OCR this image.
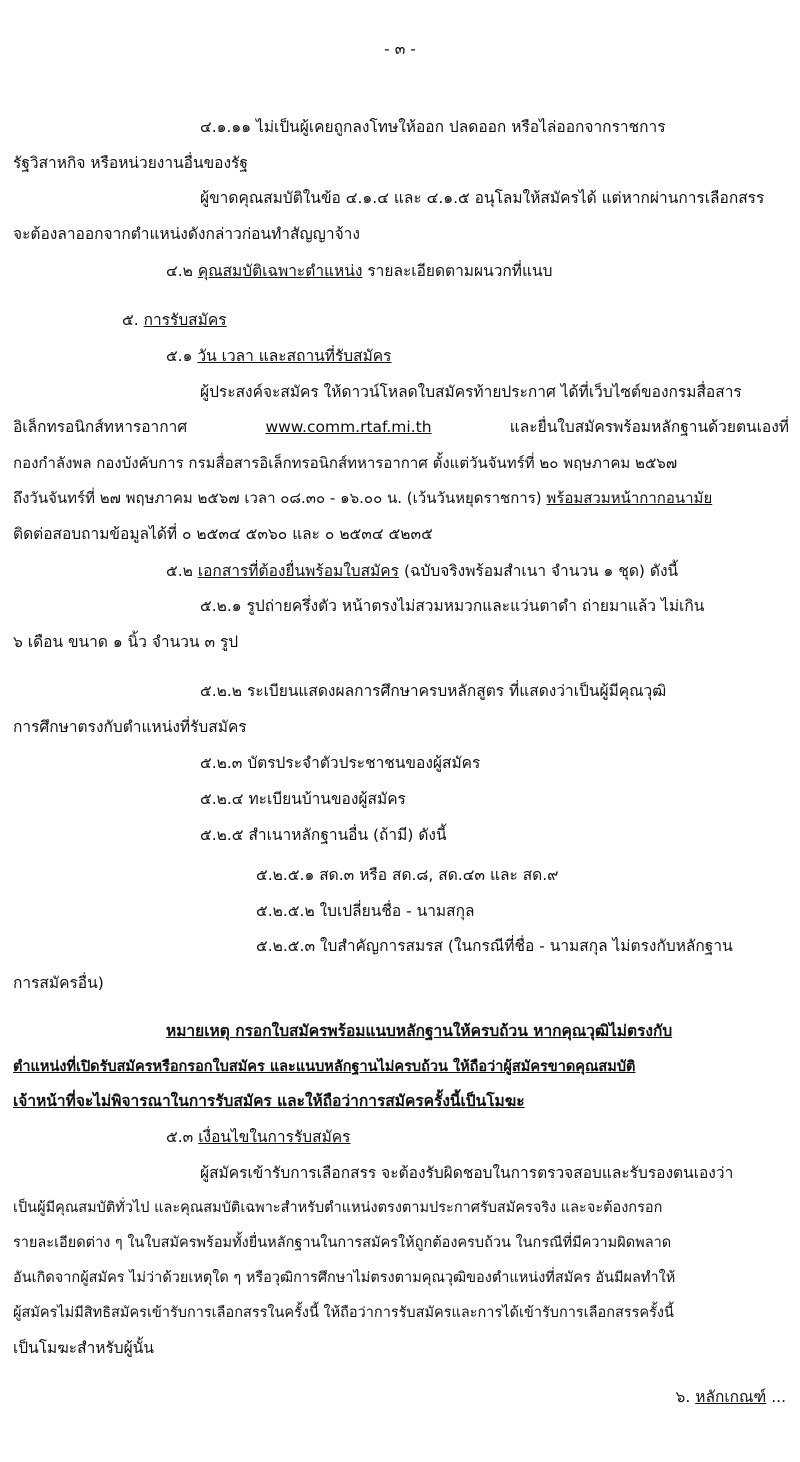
- ๓ -
๔.๑.๑๑ ไม่เป็นผู้เคยถูกลงโทษให้ออก ปลดออก หรือไล่ออกจากราชการ
รัฐวิสาหกิจ หรือหน่วยงานอื่นของรัฐ
ผู้ขาดคุณสมบัติในข้อ ๔.๑.๔ และ ๔.๑.๕ อนุโลมให้สมัครได้ แต่หากผ่านการเลือกสรร
จะต้องลาออกจากตำแหน่งดังกล่าวก่อนทำสัญญาจ้าง
๔.๒ คุณสมบัติเฉพาะตำแหน่ง รายละเอียดตามผนวกที่แนบ
๕. การรับสมัคร
๕.๑ วัน เวลา และสถานที่รับสมัคร
ผู้ประสงค์จะสมัคร ให้ดาวน์โหลดใบสมัครท้ายประกาศ ได้ที่เว็บไซต์ของกรมสื่อสาร
อิเล็กทรอนิกส์ทหารอากาศ	www.comm.rtaf.mi.th	และยื่นใบสมัครพร้อมหลักฐานด้วยตนเองที่
กองกำลังพล กองบังคับการ กรมสื่อสารอิเล็กทรอนิกส์ทหารอากาศ ตั้งแต่วันจันทร์ที่ ๒๐ พฤษภาคม ๒๕๖๗
ถึงวันจันทร์ที่ ๒๗ พฤษภาคม ๒๕๖๗ เวลา ๐๘.๓๐ - ๑๖.๐๐ น. (เว้นวันหยุดราชการ) พร้อมสวมหน้ากากอนามัย
ติดต่อสอบถามข้อมูลได้ที่ ๐ ๒๕๓๔ ๕๓๖๐ และ ๐ ๒๕๓๔ ๕๒๓๕
๕.๒ เอกสารที่ต้องยื่นพร้อมใบสมัคร (ฉบับจริงพร้อมสำเนา จำนวน ๑ ชุด) ดังนี้
๕.๒.๑ รูปถ่ายครึ่งตัว หน้าตรงไม่สวมหมวกและแว่นตาดำ ถ่ายมาแล้ว ไม่เกิน
๖ เดือน ขนาด ๑ นิ้ว จำนวน ๓ รูป
๕.๒.๒ ระเบียนแสดงผลการศึกษาครบหลักสูตร ที่แสดงว่าเป็นผู้มีคุณวุฒิ
การศึกษาตรงกับตำแหน่งที่รับสมัคร
๕.๒.๓ บัตรประจำตัวประชาชนของผู้สมัคร
๕.๒.๔ ทะเบียนบ้านของผู้สมัคร
๕.๒.๕ สำเนาหลักฐานอื่น (ถ้ามี) ดังนี้
๕.๒.๕.๑ สด.๓ หรือ สด.๘, สด.๔๓ และ สด.๙
๕.๒.๕.๒ ใบเปลี่ยนชื่อ - นามสกุล
๕.๒.๕.๓ ใบสำคัญการสมรส (ในกรณีที่ชื่อ - นามสกุล ไม่ตรงกับหลักฐาน
การสมัครอื่น)
หมายเหตุ กรอกใบสมัครพร้อมแนบหลักฐานให้ครบถ้วน หากคุณวุฒิไม่ตรงกับ
ตำแหน่งที่เปิดรับสมัครหรือกรอกใบสมัคร และแนบหลักฐานไม่ครบถ้วน ให้ถือว่าผู้สมัครขาดคุณสมบัติ
เจ้าหน้าที่จะไม่พิจารณาในการรับสมัคร และให้ถือว่าการสมัครครั้งนี้เป็นโมฆะ
๕.๓ เงื่อนไขในการรับสมัคร
ผู้สมัครเข้ารับการเลือกสรร จะต้องรับผิดชอบในการตรวจสอบและรับรองตนเองว่า
เป็นผู้มีคุณสมบัติทั่วไป และคุณสมบัติเฉพาะสำหรับตำแหน่งตรงตามประกาศรับสมัครจริง และจะต้องกรอก
รายละเอียดต่าง ๆ ในใบสมัครพร้อมทั้งยื่นหลักฐานในการสมัครให้ถูกต้องครบถ้วน ในกรณีที่มีความผิดพลาด
อันเกิดจากผู้สมัคร ไม่ว่าด้วยเหตุใด ๆ หรือวุฒิการศึกษาไม่ตรงตามคุณวุฒิของตำแหน่งที่สมัคร อันมีผลทำให้
ผู้สมัครไม่มีสิทธิสมัครเข้ารับการเลือกสรรในครั้งนี้ ให้ถือว่าการรับสมัครและการได้เข้ารับการเลือกสรรครั้งนี้
เป็นโมฆะสำหรับผู้นั้น
๖. หลักเกณฑ์ ...
